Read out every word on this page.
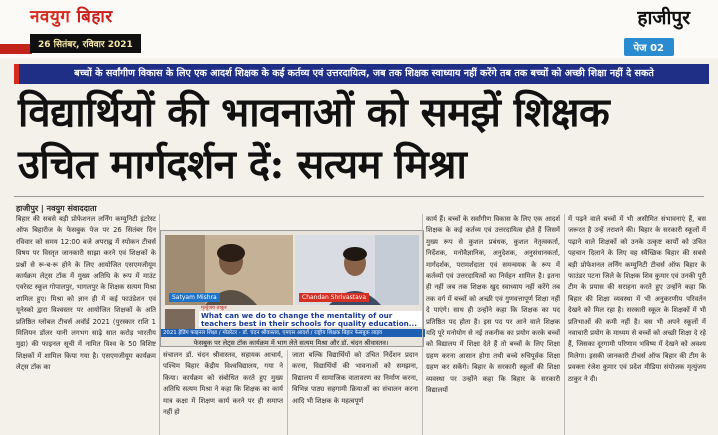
नवयुग बिहार
26 सितंबर, रविवार 2021
हाजीपुर
पेज 02
बच्चों के सर्वांगीण विकास के लिए एक आदर्श शिक्षक के कई कर्तव्य एवं उत्तरदायित्व, जब तक शिक्षक स्वाध्याय नहीं करेंगे तब तक बच्चों को अच्छी शिक्षा नहीं दे सकते
विद्यार्थियों की भावनाओं को समझें शिक्षक
उचित मार्गदर्शन दें: सत्यम मिश्रा
हाजीपुर | नवयुग संवाददाता
बिहार की सबसे बड़ी प्रोफेशनल लर्निंग कम्युनिटी इंटरेस्ट ऑफ बिहारीज के फेसबुक पेज पर 26 सितंबर दिन रविवार को समय 12:00 बजे अपराह्न में स्पोकन टीचर्स विषय पर विस्तृत जानकारी साझा करने एवं शिक्षकों के प्रश्नों से रू-ब-रू होने के लिए आयोजित एसएमजीयूम कार्यक्रम लेट्स टॉक में मुख्य अतिथि के रूप में माउंट एवरेस्ट स्कूल गोपालपुर, भागलपुर के शिक्षक सत्यम मिश्रा शामिल हुए। मिश्रा को ज्ञान ही में कई फाउंडेशन एवं यूनेस्को द्वारा विश्वस्तर पर आयोजित शिक्षकों के अति प्रतिष्ठित ग्लोबल टीचर्स अवॉर्ड 2021 (पुरस्कार राशि 1 मिलियन डॉलर यानी लगभग साढ़े सात करोड़ भारतीय मुद्रा) की फाइनल सूची में नामित विश्व के 50 विशिष्ट शिक्षकों में शामिल किया गया है। एसएमजीयूम कार्यक्रम लेट्स टॉक का
Satyam Mishra	Chandan Shrivastava
मृत्युंजय ठाकुर
What can we do to change the mentality of our teachers best in their schools for quality education...
2021 हेडिंग फाइनल शिक्षा / मोडरेटर - डॉ. चंदन श्रीवास्तव, एमएस आदर्श / राष्ट्रीय शिक्षक बिहार फेसबुक लाइव
फेसबुक पर लेट्स टॉक कार्यक्रम में भाग लेते सत्यम मिश्रा और डॉ. चंदन श्रीवास्तव।
संचालन डॉ. चंदन श्रीवास्तव, सहायक आचार्य, पश्चिम बिहार केंद्रीय विश्वविद्यालय, गया ने किया। कार्यक्रम को संबोधित करते हुए मुख्य अतिथि सत्यम मिश्रा ने कहा कि शिक्षक का कार्य मात्र कक्षा में शिक्षण कार्य करने पर ही समाप्त नहीं हो
जाता बल्कि विद्यार्थियों को उचित निर्देशन प्रदान करना, विद्यार्थियों की भावनाओं को समझना, विद्यालय में सामाजिक वातावरण का निर्माण करना, विभिन्न पाठ्य सहगामी क्रियाओं का संचालन करना आदि भी शिक्षक के महत्वपूर्ण
कार्य हैं। बच्चों के सर्वांगीण विकास के लिए एक आदर्श शिक्षक के कई कर्तव्य एवं उत्तरदायित्व होते हैं जिसमें मुख्य रूप से कुशल प्रबंधक, कुशल नेतृत्वकर्ता, निर्देशक, मनोवैज्ञानिक, अनुदेशक, अनुसंधानकर्ता, मार्गदर्शक, परामर्शदाता एवं समन्वयक के रूप में कर्तव्यों एवं उत्तरदायित्वों का निर्वहन शामिल है। इतना ही नहीं जब तक शिक्षक खुद स्वाध्याय नहीं करेंगे तब तक वर्ग में बच्चों को अच्छी एवं गुणवत्तापूर्ण शिक्षा नहीं दे पाएंगे। साथ ही उन्होंने कहा कि शिक्षक का पद प्रतिष्ठित पद होता है। इस पद पर आने वाले शिक्षक यदि पूरे मनोयोग से नई तकनीक का प्रयोग करके बच्चों को विद्यालय में शिक्षा देते हैं तो बच्चों के लिए शिक्षा ग्रहण करना आसान होगा तथी बच्चे रुचिपूर्वक शिक्षा ग्रहण कर सकेंगे। बिहार के सरकारी स्कूलों की शिक्षा व्यवस्था पर उन्होंने कहा कि बिहार के सरकारी विद्यालयों
में पढ़ने वाले बच्चों में भी असीमित संभावनाएं हैं, बस जरूरत है उन्हें तराशने की। बिहार के सरकारी स्कूलों में पढ़ाने वाले शिक्षकों को उनके उत्कृष्ट कार्यों को उचित पहचान दिलाने के लिए वह स्वैच्छिक बिहार की सबसे बड़ी प्रोफेशनल लर्निंग कम्युनिटी टीचर्स ऑफ बिहार के फाउंडर पटना जिले के शिक्षक शिव कुमार एवं उनकी पूरी टीम के प्रयास की सराहना करते हुए उन्होंने कहा कि बिहार की शिक्षा व्यवस्था में भी अनुकरणीय परिवर्तन देखने को मिल रहा है। सरकारी स्कूल के शिक्षकों में भी प्रतिभाओं की कमी नहीं है। बस भी अपने स्कूलों में नवाचारी प्रयोग के माध्यम से बच्चों को अच्छी शिक्षा दे रहे हैं, जिसका दूरगामी परिणाम भविष्य में देखने को अवश्य मिलेगा। इसकी जानकारी टीचर्स ऑफ बिहार की टीम के प्रवक्ता रंजेश कुमार एवं प्रदेश मीडिया संयोजक मृत्युंजय ठाकुर ने दी।
